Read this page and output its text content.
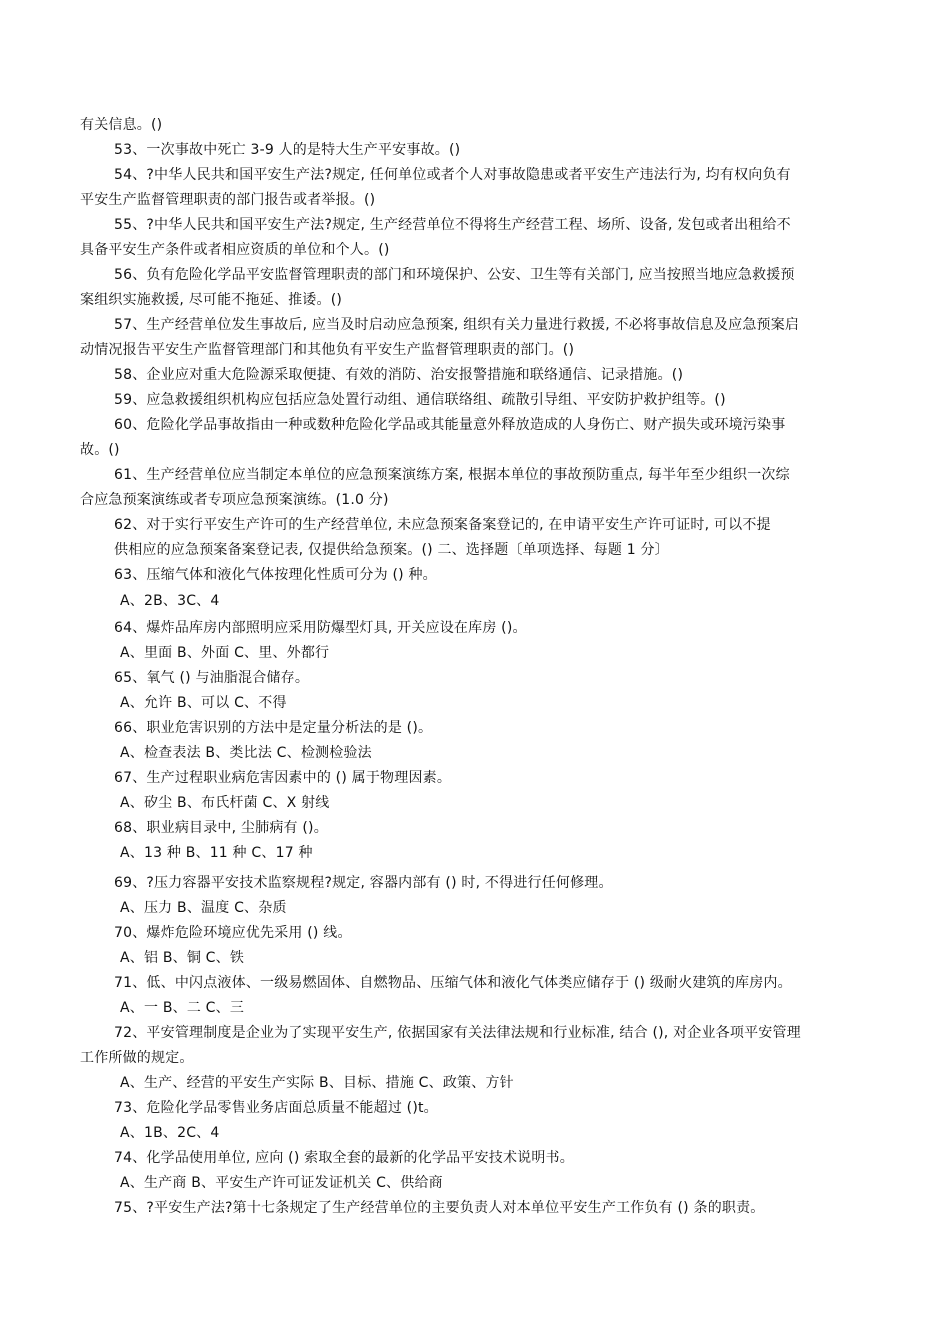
有关信息。()
53、一次事故中死亡 3-9 人的是特大生产平安事故。()
54、?中华人民共和国平安生产法?规定, 任何单位或者个人对事故隐患或者平安生产违法行为, 均有权向负有
平安生产监督管理职责的部门报告或者举报。()
55、?中华人民共和国平安生产法?规定, 生产经营单位不得将生产经营工程、场所、设备, 发包或者出租给不
具备平安生产条件或者相应资质的单位和个人。()
56、负有危险化学品平安监督管理职责的部门和环境保护、公安、卫生等有关部门, 应当按照当地应急救援预
案组织实施救援, 尽可能不拖延、推诿。()
57、生产经营单位发生事故后, 应当及时启动应急预案, 组织有关力量进行救援, 不必将事故信息及应急预案启
动情况报告平安生产监督管理部门和其他负有平安生产监督管理职责的部门。()
58、企业应对重大危险源采取便捷、有效的消防、治安报警措施和联络通信、记录措施。()
59、应急救援组织机构应包括应急处置行动组、通信联络组、疏散引导组、平安防护救护组等。()
60、危险化学品事故指由一种或数种危险化学品或其能量意外释放造成的人身伤亡、财产损失或环境污染事
故。()
61、生产经营单位应当制定本单位的应急预案演练方案, 根据本单位的事故预防重点, 每半年至少组织一次综
合应急预案演练或者专项应急预案演练。(1.0 分)
62、对于实行平安生产许可的生产经营单位, 未应急预案备案登记的, 在申请平安生产许可证时, 可以不提
供相应的应急预案备案登记表, 仅提供给急预案。() 二、选择题〔单项选择、每题 1 分〕
63、压缩气体和液化气体按理化性质可分为 () 种。
A、2B、3C、4
64、爆炸品库房内部照明应采用防爆型灯具, 开关应设在库房 ()。
A、里面 B、外面 C、里、外都行
65、氧气 () 与油脂混合储存。
A、允许 B、可以 C、不得
66、职业危害识别的方法中是定量分析法的是 ()。
A、检查表法 B、类比法 C、检测检验法
67、生产过程职业病危害因素中的 () 属于物理因素。
A、矽尘 B、布氏杆菌 C、X 射线
68、职业病目录中, 尘肺病有 ()。
A、13 种 B、11 种 C、17 种
69、?压力容器平安技术监察规程?规定, 容器内部有 () 时, 不得进行任何修理。
A、压力 B、温度 C、杂质
70、爆炸危险环境应优先采用 () 线。
A、铝 B、铜 C、铁
71、低、中闪点液体、一级易燃固体、自燃物品、压缩气体和液化气体类应储存于 () 级耐火建筑的库房内。
A、一 B、二 C、三
72、平安管理制度是企业为了实现平安生产, 依据国家有关法律法规和行业标准, 结合 (), 对企业各项平安管理
工作所做的规定。
A、生产、经营的平安生产实际 B、目标、措施 C、政策、方针
73、危险化学品零售业务店面总质量不能超过 ()t。
A、1B、2C、4
74、化学品使用单位, 应向 () 索取全套的最新的化学品平安技术说明书。
A、生产商 B、平安生产许可证发证机关 C、供给商
75、?平安生产法?第十七条规定了生产经营单位的主要负责人对本单位平安生产工作负有 () 条的职责。
